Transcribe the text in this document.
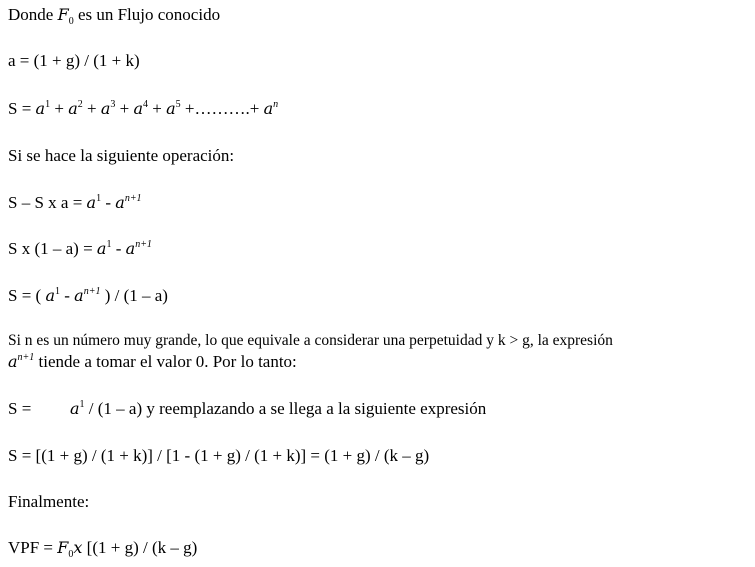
Donde $F_0$ es un Flujo conocido
a = (1 + g) / (1 + k)
$S = a^1 + a^2 + a^3 + a^4 + a^5$ +……….+ $a^n$
Si se hace la siguiente operación:
S – S x $a = a^1 - a^{n+1}$
S x $(1 - a) = a^1 - a^{n+1}$
S = ( $a^1 - a^{n+1}$ ) / (1 – a)
Si n es un número muy grande, lo que equivale a considerar una perpetuidad y k > g, la expresión
$a^{n+1}$ tiende a tomar el valor 0. Por lo tanto:
$S =a^1 / (1 - a)$ y reemplazando a se llega a la siguiente expresión
S = [(1 + g) / (1 + k)] / [1 - (1 + g) / (1 + k)] = (1 + g) / (k – g)
Finalmente:
VPF = $F_0x$ [(1 + g) / (k – g)
